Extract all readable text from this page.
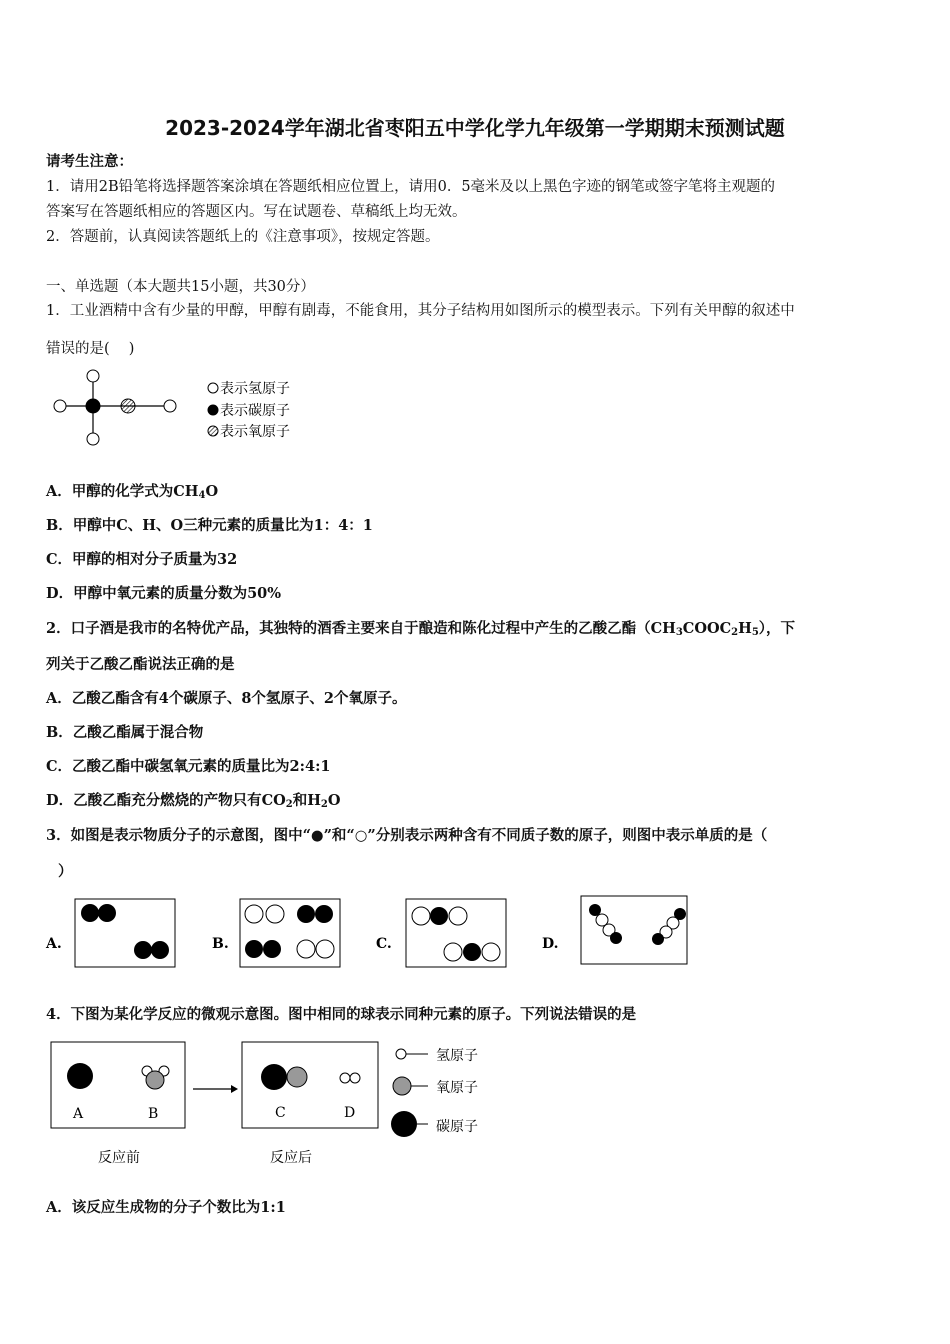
2023-2024学年湖北省枣阳五中学化学九年级第一学期期末预测试题
请考生注意：
1．请用2B铅笔将选择题答案涂填在答题纸相应位置上，请用0．5毫米及以上黑色字迹的钢笔或签字笔将主观题的
答案写在答题纸相应的答题区内。写在试题卷、草稿纸上均无效。
2．答题前，认真阅读答题纸上的《注意事项》，按规定答题。
一、单选题（本大题共15小题，共30分）
1．工业酒精中含有少量的甲醇，甲醇有剧毒，不能食用，其分子结构用如图所示的模型表示。下列有关甲醇的叙述中
错误的是(　 )
表示氢原子
表示碳原子
表示氧原子
A．甲醇的化学式为$CH_4O$
B．甲醇中C、H、O三种元素的质量比为1：4：1
C．甲醇的相对分子质量为32
D．甲醇中氧元素的质量分数为50%
2．口子酒是我市的名特优产品，其独特的酒香主要来自于酿造和陈化过程中产生的乙酸乙酯$(CH_3COOC_2H_5)$，下
列关于乙酸乙酯说法正确的是
A．乙酸乙酯含有4个碳原子、8个氢原子、2个氧原子。
B．乙酸乙酯属于混合物
C．乙酸乙酯中碳氢氧元素的质量比为2:4:1
D．乙酸乙酯充分燃烧的产物只有$CO_2$和$H_2O$
3．如图是表示物质分子的示意图，图中“●”和“○”分别表示两种含有不同质子数的原子，则图中表示单质的是（
）
A.	B.	C.	D.
4．下图为某化学反应的微观示意图。图中相同的球表示同种元素的原子。下列说法错误的是
A	B	C	D
反应前	反应后
氢原子
氧原子
碳原子
A．该反应生成物的分子个数比为1:1
